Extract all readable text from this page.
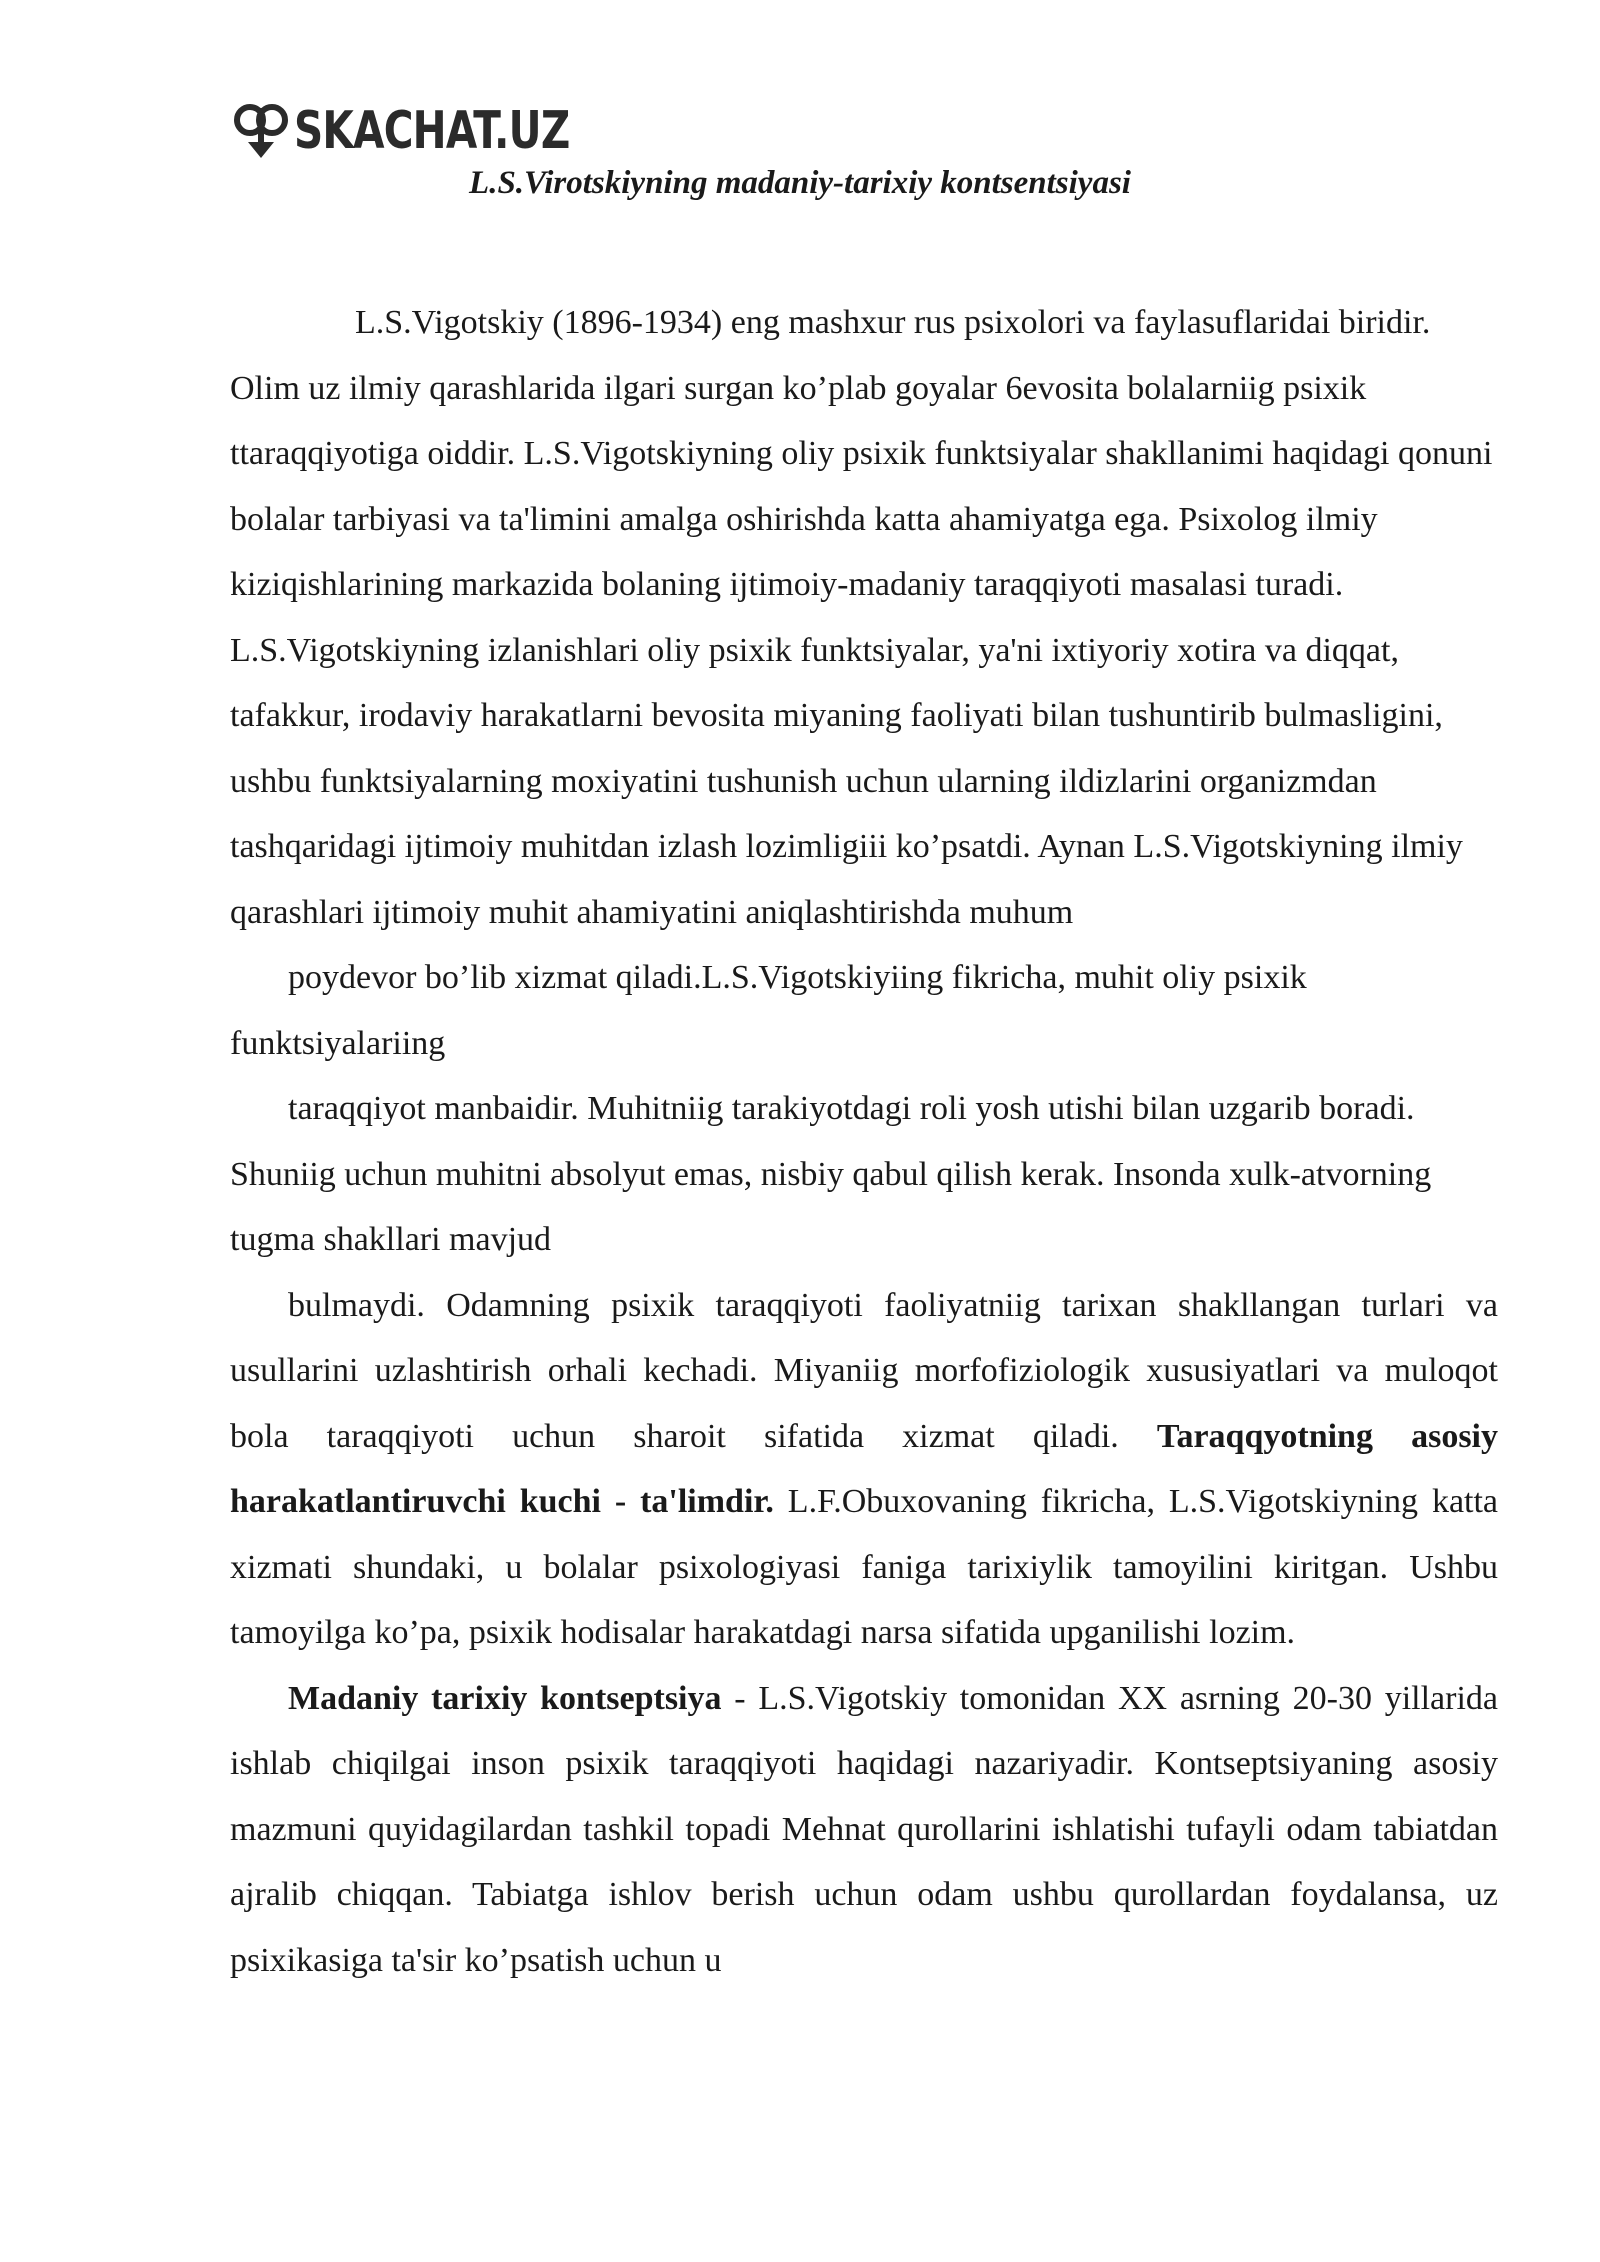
SKACHAT.UZ
L.S.Virotskiyning madaniy-tarixiy kontsentsiyasi

L.S.Vigotskiy (1896-1934) eng mashxur rus psixolori va faylasuflaridai biridir. Olim uz ilmiy qarashlarida ilgari surgan ko’plab goyalar 6evosita bolalarniig psixik ttaraqqiyotiga oiddir. L.S.Vigotskiyning oliy psixik funktsiyalar shakllanimi haqidagi qonuni bolalar tarbiyasi va ta'limini amalga oshirishda katta ahamiyatga ega. Psixolog ilmiy kiziqishlarining markazida bolaning ijtimoiy-madaniy taraqqiyoti masalasi turadi. L.S.Vigotskiyning izlanishlari oliy psixik funktsiyalar, ya'ni ixtiyoriy xotira va diqqat, tafakkur, irodaviy harakatlarni bevosita miyaning faoliyati bilan tushuntirib bulmasligini, ushbu funktsiyalarning moxiyatini tushunish uchun ularning ildizlarini organizmdan tashqaridagi ijtimoiy muhitdan izlash lozimligiii ko’psatdi. Aynan L.S.Vigotskiyning ilmiy qarashlari ijtimoiy muhit ahamiyatini aniqlashtirishda muhum

poydevor bo’lib xizmat qiladi.L.S.Vigotskiyiing fikricha, muhit oliy psixik funktsiyalariing

taraqqiyot manbaidir. Muhitniig tarakiyotdagi roli yosh utishi bilan uzgarib boradi. Shuniig uchun muhitni absolyut emas, nisbiy qabul qilish kerak. Insonda xulk-atvorning tugma shakllari mavjud

bulmaydi. Odamning psixik taraqqiyoti faoliyatniig tarixan shakllangan turlari va usullarini uzlashtirish orhali kechadi. Miyaniig morfofiziologik xususiyatlari va muloqot bola taraqqiyoti uchun sharoit sifatida xizmat qiladi. Taraqqyotning asosiy harakatlantiruvchi kuchi - ta'limdir. L.F.Obuxovaning fikricha, L.S.Vigotskiyning katta xizmati shundaki, u bolalar psixologiyasi faniga tarixiylik tamoyilini kiritgan. Ushbu tamoyilga ko’pa, psixik hodisalar harakatdagi narsa sifatida upganilishi lozim.

Madaniy tarixiy kontseptsiya - L.S.Vigotskiy tomonidan XX asrning 20-30 yillarida ishlab chiqilgai inson psixik taraqqiyoti haqidagi nazariyadir. Kontseptsiyaning asosiy mazmuni quyidagilardan tashkil topadi Mehnat qurollarini ishlatishi tufayli odam tabiatdan ajralib chiqqan. Tabiatga ishlov berish uchun odam ushbu qurollardan foydalansa, uz psixikasiga ta'sir ko’psatish uchun u
